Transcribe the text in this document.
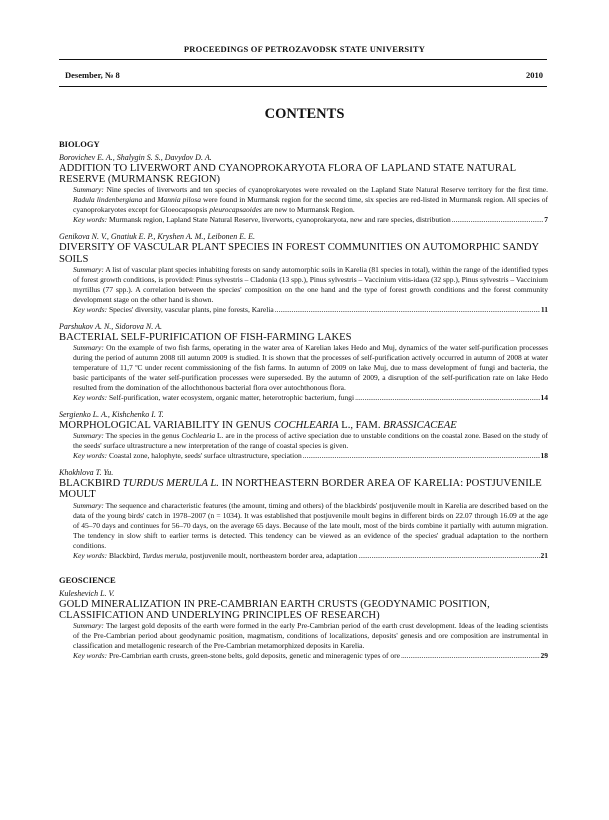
PROCEEDINGS OF PETROZAVODSK STATE UNIVERSITY
Desember, № 8	2010
CONTENTS
BIOLOGY
Borovichev E. A., Shalygin S. S., Davydov D. A.
ADDITION TO LIVERWORT AND CYANOPROKARYOTA FLORA OF LAPLAND STATE NATURAL RESERVE (MURMANSK REGION)
Summary: Nine species of liverworts and ten species of cyanoprokaryotes were revealed on the Lapland State Natural Reserve territory for the first time. Radula lindenbergiana and Mannia pilosa were found in Murmansk region for the second time, six species are red-listed in Murmansk region. All species of cyanoprokaryotes except for Gloeocapsopsis pleurocapsaoides are new to Murmansk Region.
Key words: Murmansk region, Lapland State Natural Reserve, liverworts, cyanoprokaryota, new and rare species, distribution .....	7
Genikova N. V., Gnatiuk E. P., Kryshen A. M., Leibonen E. E.
DIVERSITY OF VASCULAR PLANT SPECIES IN FOREST COMMUNITIES ON AUTOMORPHIC SANDY SOILS
Summary: A list of vascular plant species inhabiting forests on sandy automorphic soils in Karelia (81 species in total), within the range of the identified types of forest growth conditions, is provided: Pinus sylvestris – Cladonia (13 spp.), Pinus sylvestris – Vaccinium vitis-idaea (32 spp.), Pinus sylvestris – Vaccinium myrtillus (77 spp.). A correlation between the species' composition on the one hand and the type of forest growth conditions and the forest community development stage on the other hand is shown.
Key words: Species' diversity, vascular plants, pine forests, Karelia .....	11
Parshukov A. N., Sidorova N. A.
BACTERIAL SELF-PURIFICATION OF FISH-FARMING LAKES
Summary: On the example of two fish farms, operating in the water area of Karelian lakes Hedo and Muj, dynamics of the water self-purification processes during the period of autumn 2008 till autumn 2009 is studied. It is shown that the processes of self-purification actively occurred in autumn of 2008 at water temperature of 11,7 ºC under recent commissioning of the fish farms. In autumn of 2009 on lake Muj, due to mass development of fungi and bacteria, the basic participants of the water self-purification processes were superseded. By the autumn of 2009, a disruption of the self-purification rate on lake Hedo resulted from the domination of the allochthonous bacterial flora over autochthonous flora.
Key words: Self-purification, water ecosystem, organic matter, heterotrophic bacterium, fungi .....	14
Sergienko L. A., Kishchenko I. T.
MORPHOLOGICAL VARIABILITY IN GENUS COCHLEARIA L., FAM. BRASSICACEAE
Summary: The species in the genus Cochlearia L. are in the process of active speciation due to unstable conditions on the coastal zone. Based on the study of the seeds' surface ultrastructure a new interpretation of the range of coastal species is given.
Key words: Coastal zone, halophyte, seeds' surface ultrastructure, speciation .....	18
Khokhlova T. Yu.
BLACKBIRD TURDUS MERULA L. IN NORTHEASTERN BORDER AREA OF KARELIA: POSTJUVENILE MOULT
Summary: The sequence and characteristic features (the amount, timing and others) of the blackbirds' postjuvenile moult in Karelia are described based on the data of the young birds' catch in 1978–2007 (n = 1034). It was established that postjuvenile moult begins in different birds on 22.07 through 16.09 at the age of 45–70 days and continues for 56–70 days, on the average 65 days. Because of the late moult, most of the birds combine it partially with autumn migration. The tendency in slow shift to earlier terms is detected. This tendency can be viewed as an evidence of the species' gradual adaptation to the northern conditions.
Key words: Blackbird, Turdus merula, postjuvenile moult, northeastern border area, adaptation .....	21
GEOSCIENCE
Kuleshevich L. V.
GOLD MINERALIZATION IN PRE-CAMBRIAN EARTH CRUSTS (GEODYNAMIC POSITION, CLASSIFICATION AND UNDERLYING PRINCIPLES OF RESEARCH)
Summary: The largest gold deposits of the earth were formed in the early Pre-Cambrian period of the earth crust development. Ideas of the leading scientists of the Pre-Cambrian period about geodynamic position, magmatism, conditions of localizations, deposits' genesis and ore composition are instrumental in classification and metallogenic research of the Pre-Cambrian metamorphized deposits in Karelia.
Key words: Pre-Cambrian earth crusts, green-stone belts, gold deposits, genetic and mineragenic types of ore .....	29
